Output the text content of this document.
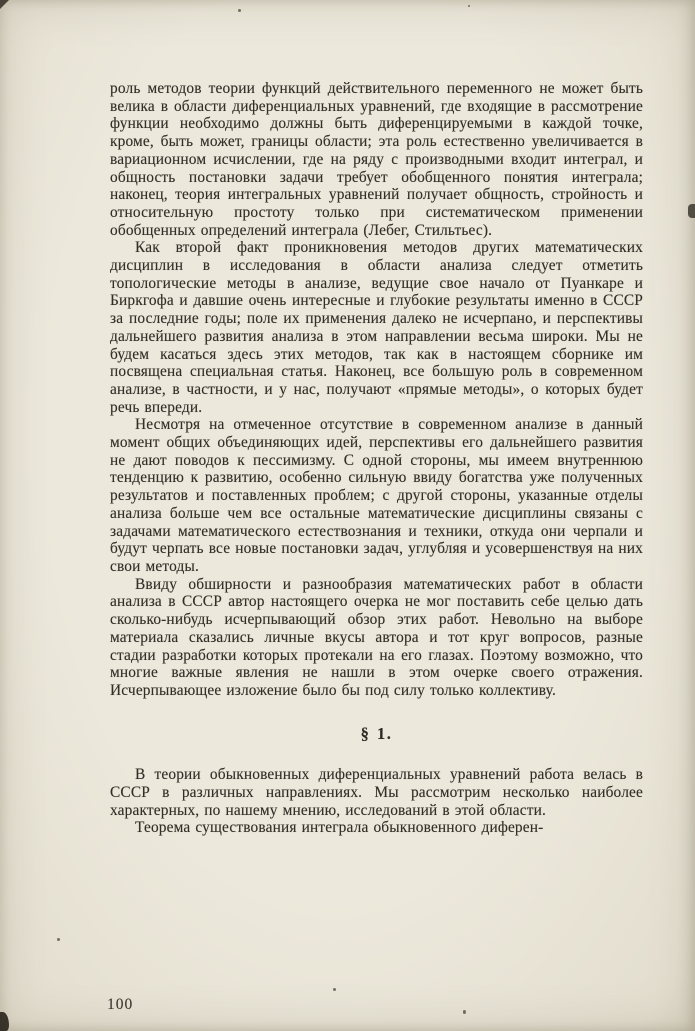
роль методов теории функций действительного переменного не может быть велика в области диференциальных уравнений, где входящие в рассмотрение функции необходимо должны быть диференцируемыми в каждой точке, кроме, быть может, границы области; эта роль естественно увеличивается в вариационном исчислении, где на ряду с производными входит интеграл, и общность постановки задачи требует обобщенного понятия интеграла; наконец, теория интегральных уравнений получает общность, стройность и относительную простоту только при систематическом применении обобщенных определений интеграла (Лебег, Стильтьес).

Как второй факт проникновения методов других математических дисциплин в исследования в области анализа следует отметить топологические методы в анализе, ведущие свое начало от Пуанкаре и Биркгофа и давшие очень интересные и глубокие результаты именно в СССР за последние годы; поле их применения далеко не исчерпано, и перспективы дальнейшего развития анализа в этом направлении весьма широки. Мы не будем касаться здесь этих методов, так как в настоящем сборнике им посвящена специальная статья. Наконец, все большую роль в современном анализе, в частности, и у нас, получают «прямые методы», о которых будет речь впереди.

Несмотря на отмеченное отсутствие в современном анализе в данный момент общих объединяющих идей, перспективы его дальнейшего развития не дают поводов к пессимизму. С одной стороны, мы имеем внутреннюю тенденцию к развитию, особенно сильную ввиду богатства уже полученных результатов и поставленных проблем; с другой стороны, указанные отделы анализа больше чем все остальные математические дисциплины связаны с задачами математического естествознания и техники, откуда они черпали и будут черпать все новые постановки задач, углубляя и усовершенствуя на них свои методы.

Ввиду обширности и разнообразия математических работ в области анализа в СССР автор настоящего очерка не мог поставить себе целью дать сколько-нибудь исчерпывающий обзор этих работ. Невольно на выборе материала сказались личные вкусы автора и тот круг вопросов, разные стадии разработки которых протекали на его глазах. Поэтому возможно, что многие важные явления не нашли в этом очерке своего отражения. Исчерпывающее изложение было бы под силу только коллективу.

§ 1.

В теории обыкновенных диференциальных уравнений работа велась в СССР в различных направлениях. Мы рассмотрим несколько наиболее характерных, по нашему мнению, исследований в этой области.

Теорема существования интеграла обыкновенного диферен-

100
